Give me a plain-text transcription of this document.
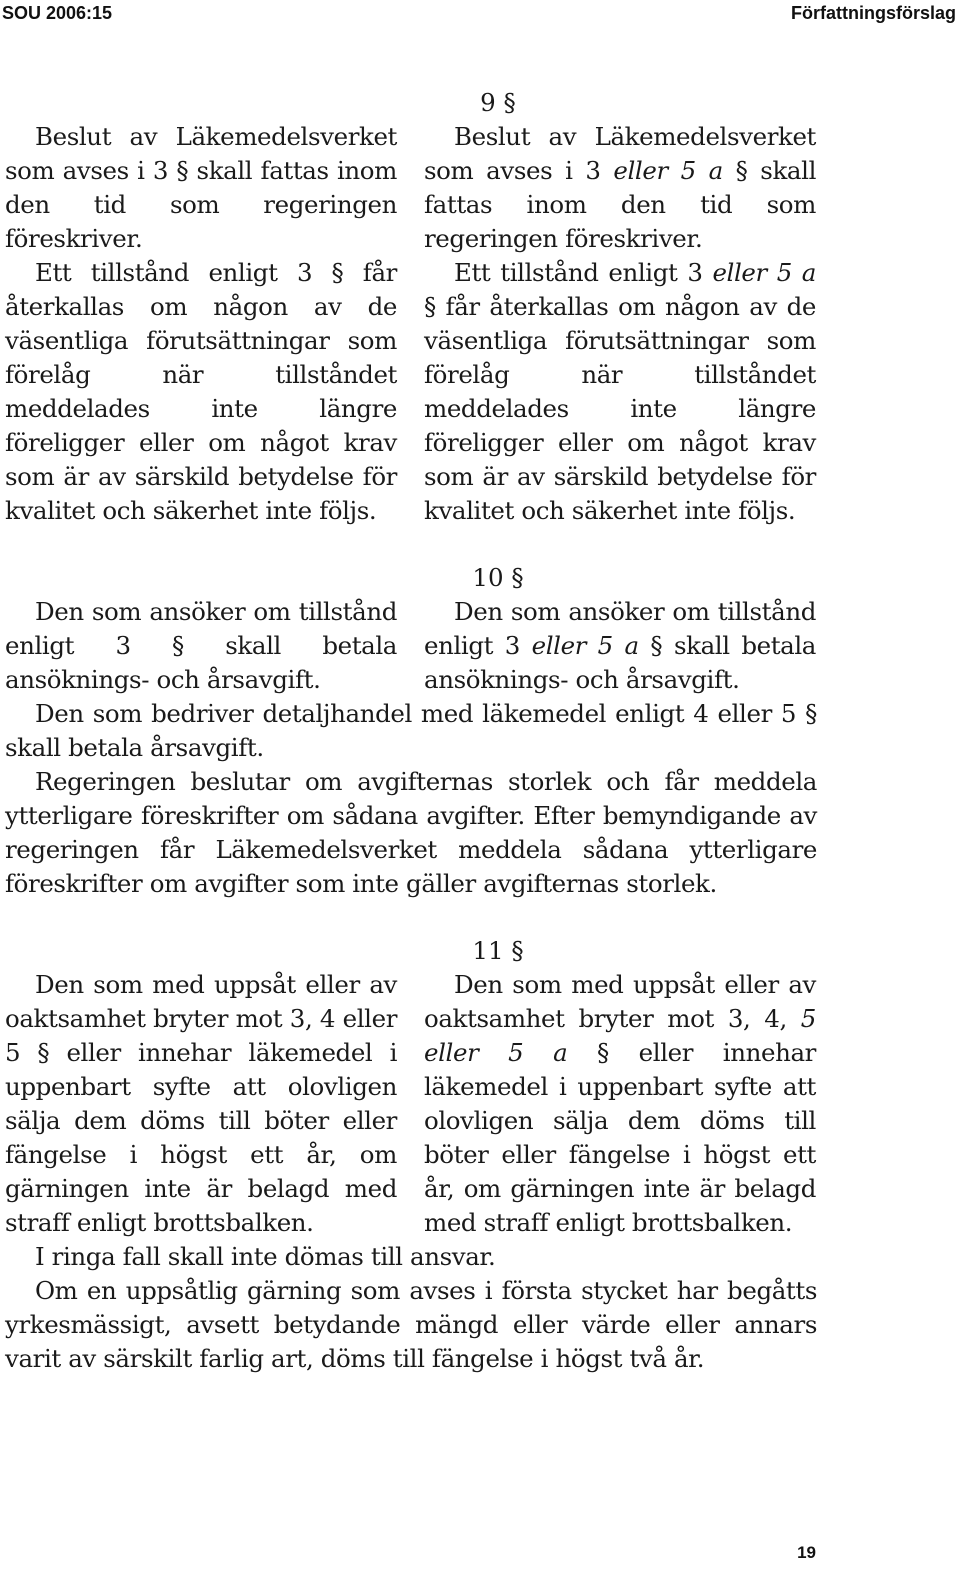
SOU 2006:15	Författningsförslag
9 §

Beslut av Läkemedelsverket som avses i 3 § skall fattas inom den tid som regeringen föreskriver.

Ett tillstånd enligt 3 § får återkallas om någon av de väsentliga förutsättningar som förelåg när tillståndet meddelades inte längre föreligger eller om något krav som är av särskild betydelse för kvalitet och säkerhet inte följs.

Beslut av Läkemedelsverket som avses i 3 eller 5 a § skall fattas inom den tid som regeringen föreskriver.

Ett tillstånd enligt 3 eller 5 a § får återkallas om någon av de väsentliga förutsättningar som förelåg när tillståndet meddelades inte längre föreligger eller om något krav som är av särskild betydelse för kvalitet och säkerhet inte följs.

10 §

Den som ansöker om tillstånd enligt 3 § skall betala ansöknings- och årsavgift.

Den som ansöker om tillstånd enligt 3 eller 5 a § skall betala ansöknings- och årsavgift.

Den som bedriver detaljhandel med läkemedel enligt 4 eller 5 § skall betala årsavgift.

Regeringen beslutar om avgifternas storlek och får meddela ytterligare föreskrifter om sådana avgifter. Efter bemyndigande av regeringen får Läkemedelsverket meddela sådana ytterligare föreskrifter om avgifter som inte gäller avgifternas storlek.

11 §

Den som med uppsåt eller av oaktsamhet bryter mot 3, 4 eller 5 § eller innehar läkemedel i uppenbart syfte att olovligen sälja dem döms till böter eller fängelse i högst ett år, om gärningen inte är belagd med straff enligt brottsbalken.

Den som med uppsåt eller av oaktsamhet bryter mot 3, 4, 5 eller 5 a § eller innehar läkemedel i uppenbart syfte att olovligen sälja dem döms till böter eller fängelse i högst ett år, om gärningen inte är belagd med straff enligt brottsbalken.

I ringa fall skall inte dömas till ansvar.

Om en uppsåtlig gärning som avses i första stycket har begåtts yrkesmässigt, avsett betydande mängd eller värde eller annars varit av särskilt farlig art, döms till fängelse i högst två år.

19
